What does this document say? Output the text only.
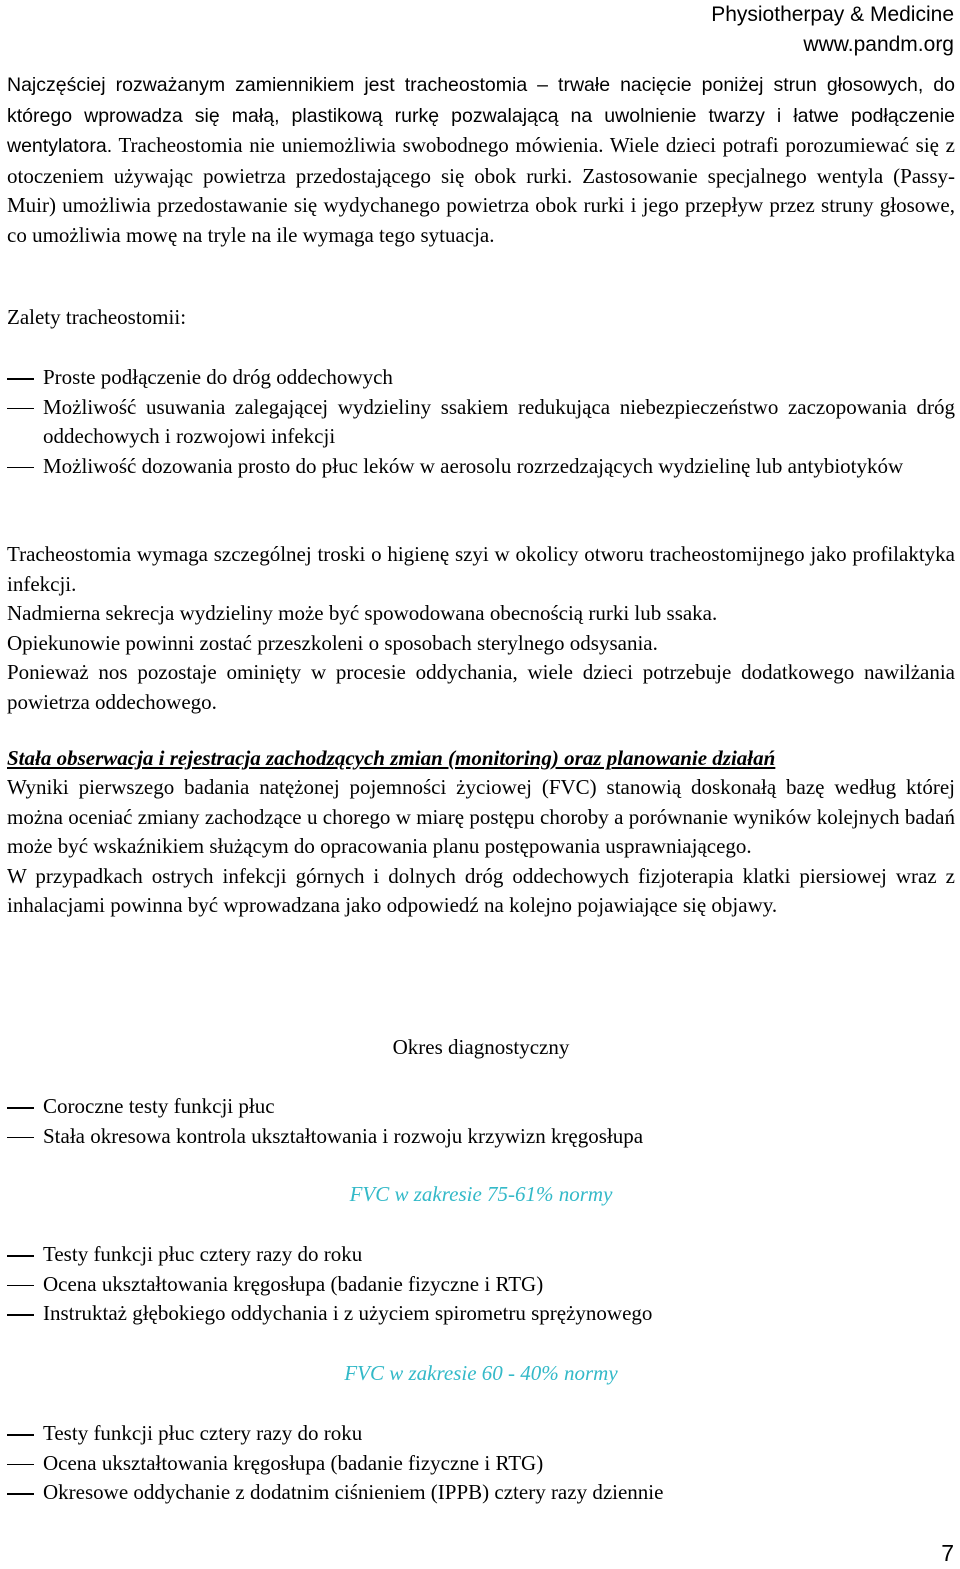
Physiotherpay & Medicine
www.pandm.org

Najczęściej rozważanym zamiennikiem jest tracheostomia – trwałe nacięcie poniżej strun głosowych, do którego wprowadza się małą, plastikową rurkę pozwalającą na uwolnienie twarzy i łatwe podłączenie wentylatora. Tracheostomia nie uniemożliwia swobodnego mówienia. Wiele dzieci potrafi porozumiewać się z otoczeniem używając powietrza przedostającego się obok rurki. Zastosowanie specjalnego wentyla (Passy-Muir) umożliwia przedostawanie się wydychanego powietrza obok rurki i jego przepływ przez struny głosowe, co umożliwia mowę na tryle na ile wymaga tego sytuacja.

Zalety tracheostomii:
Proste podłączenie do dróg oddechowych
Możliwość usuwania zalegającej wydzieliny ssakiem redukująca niebezpieczeństwo zaczopowania dróg oddechowych i rozwojowi infekcji
Możliwość dozowania prosto do płuc leków w aerosolu rozrzedzających wydzielinę lub antybiotyków
Tracheostomia wymaga szczególnej troski o higienę szyi w okolicy otworu tracheostomijnego jako profilaktyka infekcji.
Nadmierna sekrecja wydzieliny może być spowodowana obecnością rurki lub ssaka.
Opiekunowie powinni zostać przeszkoleni o sposobach sterylnego odsysania.
Ponieważ nos pozostaje ominięty w procesie oddychania, wiele dzieci potrzebuje dodatkowego nawilżania powietrza oddechowego.
Stała obserwacja i rejestracja zachodzących zmian (monitoring) oraz planowanie działań
Wyniki pierwszego badania natężonej pojemności życiowej (FVC) stanowią doskonałą bazę według której można oceniać zmiany zachodzące u chorego w miarę postępu choroby a porównanie wyników kolejnych badań może być wskaźnikiem służącym do opracowania planu postępowania usprawniającego.
W przypadkach ostrych infekcji górnych i dolnych dróg oddechowych fizjoterapia klatki piersiowej wraz z inhalacjami powinna być wprowadzana jako odpowiedź na kolejno pojawiające się objawy.
Okres diagnostyczny
Coroczne testy funkcji płuc
Stała okresowa kontrola ukształtowania i rozwoju krzywizn kręgosłupa
FVC w zakresie 75-61% normy
Testy funkcji płuc cztery razy do roku
Ocena ukształtowania kręgosłupa (badanie fizyczne i RTG)
Instruktaż głębokiego oddychania i z użyciem spirometru sprężynowego
FVC w zakresie 60 - 40% normy
Testy funkcji płuc cztery razy do roku
Ocena ukształtowania kręgosłupa (badanie fizyczne i RTG)
Okresowe oddychanie z dodatnim ciśnieniem (IPPB) cztery razy dziennie
7
